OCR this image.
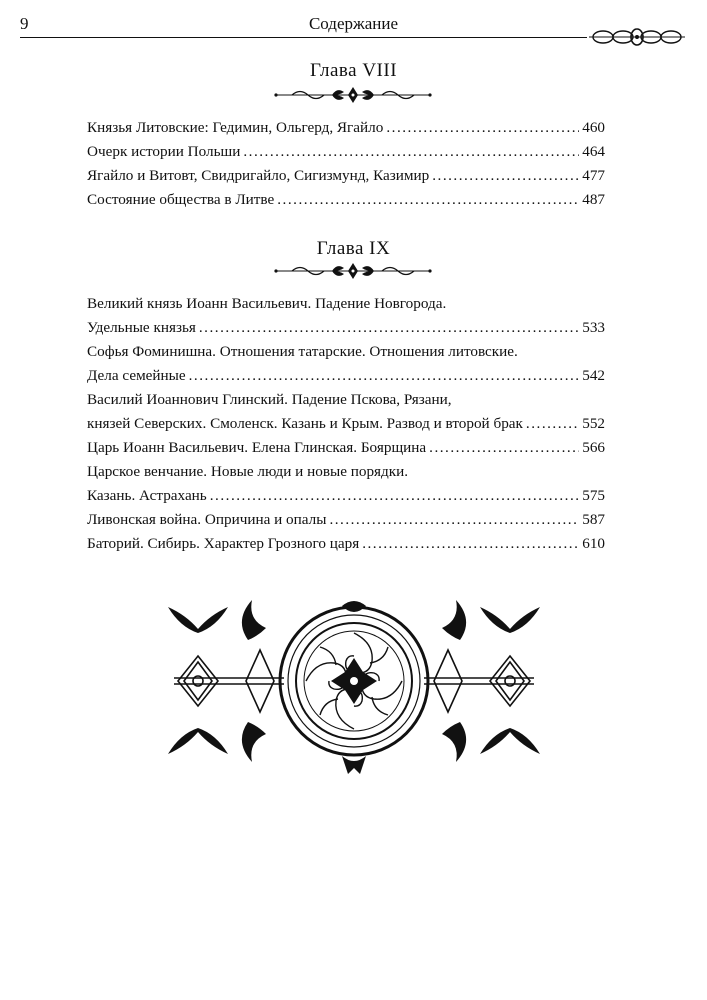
9	Содержание
Глава VIII
Князья Литовские: Гедимин, Ольгерд, Ягайло .....	460
Очерк истории Польши .....	464
Ягайло и Витовт, Свидригайло, Сигизмунд, Казимир .....	477
Состояние общества в Литве .....	487
Глава IX
Великий князь Иоанн Васильевич. Падение Новгорода.
Удельные князья .....	533
Софья Фоминишна. Отношения татарские. Отношения литовские.
Дела семейные .....	542
Василий Иоаннович Глинский. Падение Пскова, Рязани,
князей Северских. Смоленск. Казань и Крым. Развод и второй брак .....	552
Царь Иоанн Васильевич. Елена Глинская. Боярщина .....	566
Царское венчание. Новые люди и новые порядки.
Казань. Астрахань .....	575
Ливонская война. Опричина и опалы .....	587
Баторий. Сибирь. Характер Грозного царя .....	610
